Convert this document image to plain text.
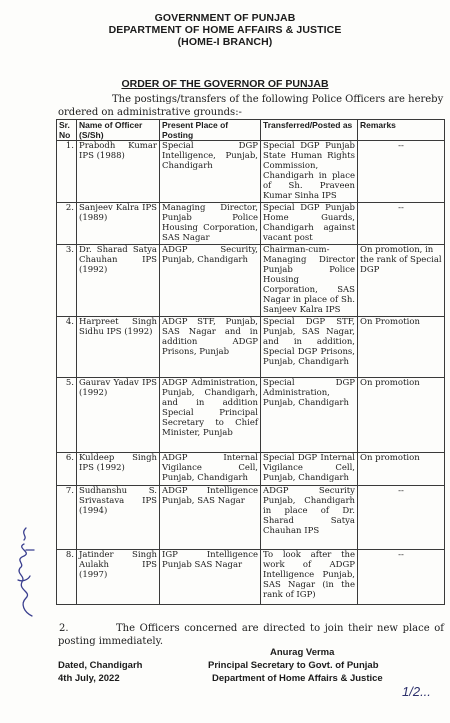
GOVERNMENT OF PUNJAB
DEPARTMENT OF HOME AFFAIRS & JUSTICE
(HOME-I BRANCH)
ORDER OF THE GOVERNOR OF PUNJAB
The postings/transfers of the following Police Officers are hereby ordered on administrative grounds:-
Sr. No	Name of Officer (S/Sh)	Present Place of Posting	Transferred/Posted as	Remarks
1.	Prabodh Kumar IPS (1988)	Special DGP Intelligence, Punjab, Chandigarh	Special DGP Punjab State Human Rights Commission, Chandigarh in place of Sh. Praveen Kumar Sinha IPS	--
2.	Sanjeev Kalra IPS (1989)	Managing Director, Punjab Police Housing Corporation, SAS Nagar	Special DGP Punjab Home Guards, Chandigarh against vacant post	--
3.	Dr. Sharad Satya Chauhan IPS (1992)	ADGP Security, Punjab, Chandigarh	Chairman-cum-Managing Director Punjab Police Housing Corporation, SAS Nagar in place of Sh. Sanjeev Kalra IPS	On promotion, in the rank of Special DGP
4.	Harpreet Singh Sidhu IPS (1992)	ADGP STF, Punjab, SAS Nagar and in addition ADGP Prisons, Punjab	Special DGP STF, Punjab, SAS Nagar, and in addition, Special DGP Prisons, Punjab, Chandigarh	On Promotion
5.	Gaurav Yadav IPS (1992)	ADGP Administration, Punjab, Chandigarh, and in addition Special Principal Secretary to Chief Minister, Punjab	Special DGP Administration, Punjab, Chandigarh	On promotion
6.	Kuldeep Singh IPS (1992)	ADGP Internal Vigilance Cell, Punjab, Chandigarh	Special DGP Internal Vigilance Cell, Punjab, Chandigarh	On promotion
7.	Sudhanshu S. Srivastava IPS (1994)	ADGP Intelligence Punjab, SAS Nagar	ADGP Security Punjab, Chandigarh in place of Dr. Sharad Satya Chauhan IPS	--
8.	Jatinder Singh Aulakh IPS (1997)	IGP Intelligence Punjab SAS Nagar	To look after the work of ADGP Intelligence Punjab, SAS Nagar (in the rank of IGP)	--
2.	The Officers concerned are directed to join their new place of posting immediately.
Anurag Verma
Principal Secretary to Govt. of Punjab
Department of Home Affairs & Justice
Dated, Chandigarh
4th July, 2022
1/2...
